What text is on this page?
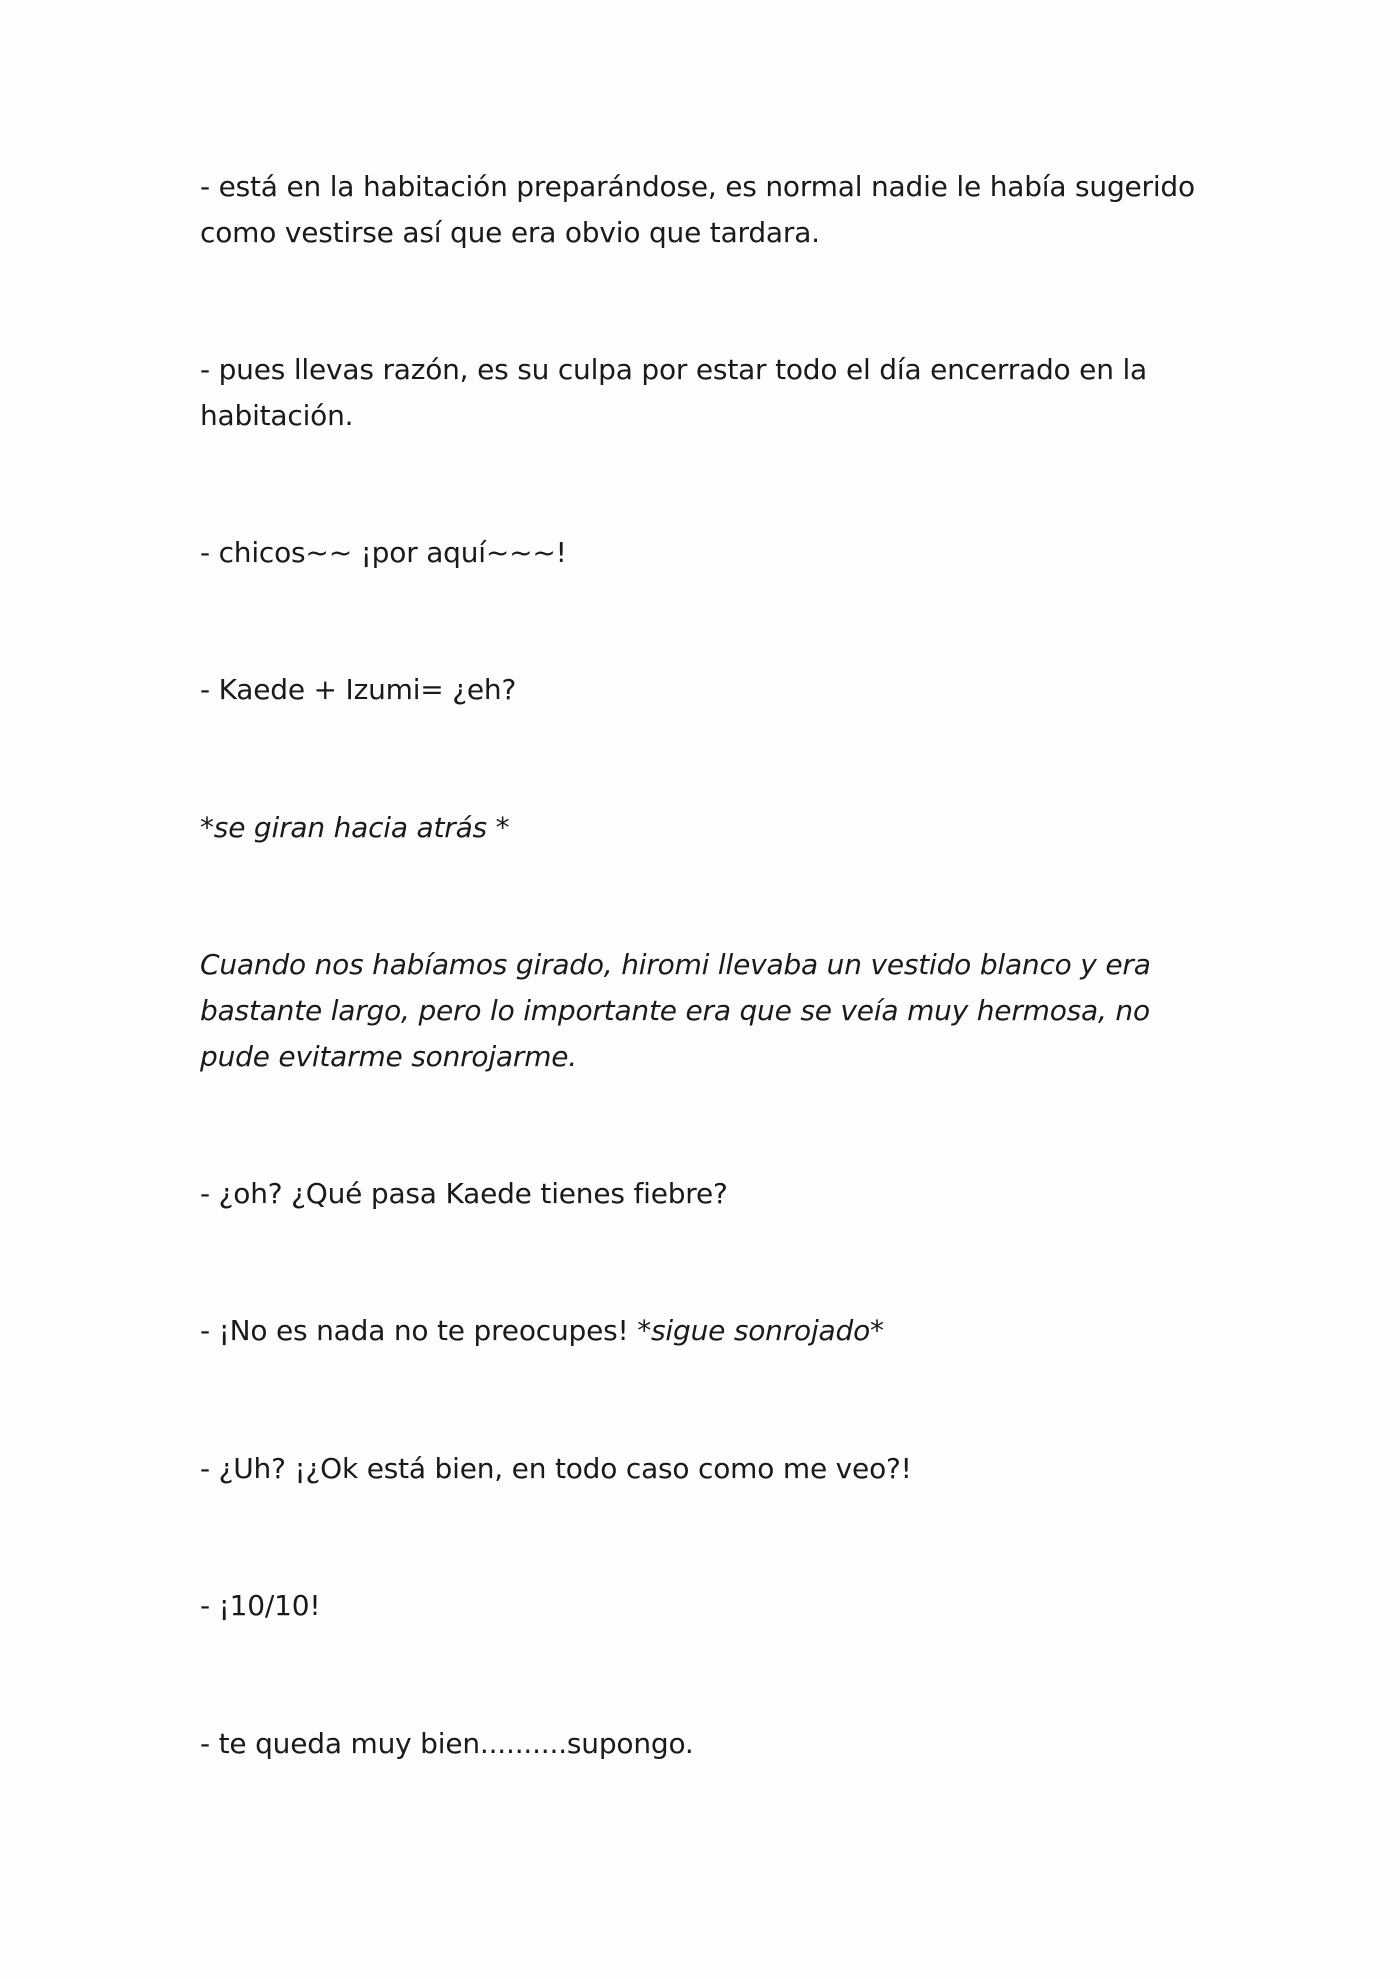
- está en la habitación preparándose, es normal nadie le había sugerido como vestirse así que era obvio que tardara.

- pues llevas razón, es su culpa por estar todo el día encerrado en la habitación.

- chicos~~ ¡por aquí~~~!

- Kaede + Izumi= ¿eh?

*se giran hacia atrás *

Cuando nos habíamos girado, hiromi llevaba un vestido blanco y era bastante largo, pero lo importante era que se veía muy hermosa, no pude evitarme sonrojarme.

- ¿oh? ¿Qué pasa Kaede tienes fiebre?

- ¡No es nada no te preocupes! *sigue sonrojado*

- ¿Uh? ¡¿Ok está bien, en todo caso como me veo?!

- ¡10/10!

- te queda muy bien..........supongo.
